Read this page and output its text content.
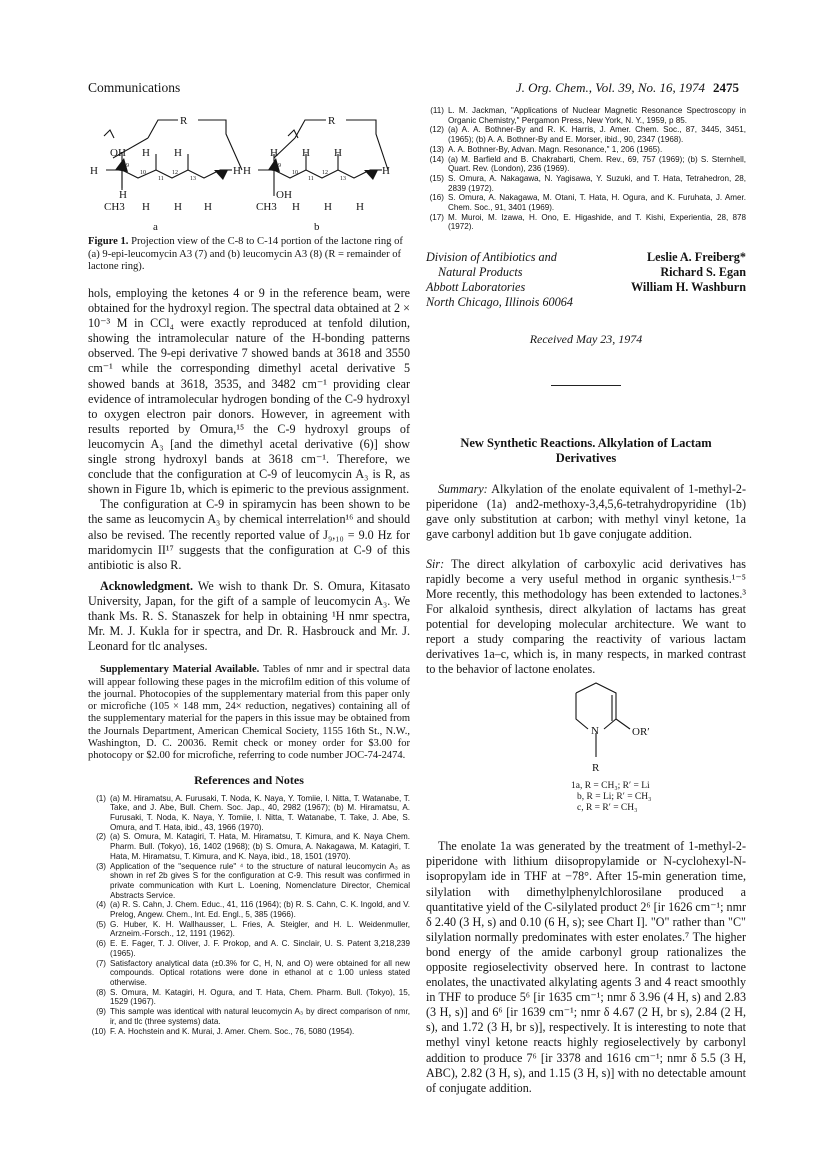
Communications	J. Org. Chem., Vol. 39, No. 16, 1974 2475
R
OH H H
H	H
H
CH3 H H H
9
10
11
12
13
a
R
H H H
H	H
OH
CH3 H H H
9
10
11
12
13
b
Figure 1. Projection view of the C-8 to C-14 portion of the lactone ring of (a) 9-epi-leucomycin A3 (7) and (b) leucomycin A3 (8) (R = remainder of lactone ring).

hols, employing the ketones 4 or 9 in the reference beam, were obtained for the hydroxyl region. The spectral data obtained at 2 × 10⁻³ M in CCl₄ were exactly reproduced at tenfold dilution, showing the intramolecular nature of the H-bonding patterns observed. The 9-epi derivative 7 showed bands at 3618 and 3550 cm⁻¹ while the corresponding dimethyl acetal derivative 5 showed bands at 3618, 3535, and 3482 cm⁻¹ providing clear evidence of intramolecular hydrogen bonding of the C-9 hydroxyl to oxygen electron pair donors. However, in agreement with results reported by Omura,¹⁵ the C-9 hydroxyl groups of leucomycin A₃ [and the dimethyl acetal derivative (6)] show single strong hydroxyl bands at 3618 cm⁻¹. Therefore, we conclude that the configuration at C-9 of leucomycin A₃ is R, as shown in Figure 1b, which is epimeric to the previous assignment.

The configuration at C-9 in spiramycin has been shown to be the same as leucomycin A₃ by chemical interrelation¹⁶ and should also be revised. The recently reported value of J₉,₁₀ = 9.0 Hz for maridomycin II¹⁷ suggests that the configuration at C-9 of this antibiotic is also R.

Acknowledgment. We wish to thank Dr. S. Omura, Kitasato University, Japan, for the gift of a sample of leucomycin A₃. We thank Ms. R. S. Stanaszek for help in obtaining ¹H nmr spectra, Mr. M. J. Kukla for ir spectra, and Dr. R. Hasbrouck and Mr. J. Leonard for tlc analyses.

Supplementary Material Available. Tables of nmr and ir spectral data will appear following these pages in the microfilm edition of this volume of the journal. Photocopies of the supplementary material from this paper only or microfiche (105 × 148 mm, 24× reduction, negatives) containing all of the supplementary material for the papers in this issue may be obtained from the Journals Department, American Chemical Society, 1155 16th St., N.W., Washington, D. C. 20036. Remit check or money order for $3.00 for photocopy or $2.00 for microfiche, referring to code number JOC-74-2474.

References and Notes
(1) (a) M. Hiramatsu, A. Furusaki, T. Noda, K. Naya, Y. Tomiie, I. Nitta, T. Watanabe, T. Take, and J. Abe, Bull. Chem. Soc. Jap., 40, 2982 (1967); (b) M. Hiramatsu, A. Furusaki, T. Noda, K. Naya, Y. Tomiie, I. Nitta, T. Watanabe, T. Take, J. Abe, S. Omura, and T. Hata, ibid., 43, 1966 (1970).
(2) (a) S. Omura, M. Katagiri, T. Hata, M. Hiramatsu, T. Kimura, and K. Naya Chem. Pharm. Bull. (Tokyo), 16, 1402 (1968); (b) S. Omura, A. Nakagawa, M. Katagiri, T. Hata, M. Hiramatsu, T. Kimura, and K. Naya, ibid., 18, 1501 (1970).
(3) Application of the "sequence rule" ⁴ to the structure of natural leucomycin A₃ as shown in ref 2b gives S for the configuration at C-9. This result was confirmed in private communication with Kurt L. Loening, Nomenclature Director, Chemical Abstracts Service.
(4) (a) R. S. Cahn, J. Chem. Educ., 41, 116 (1964); (b) R. S. Cahn, C. K. Ingold, and V. Prelog, Angew. Chem., Int. Ed. Engl., 5, 385 (1966).
(5) G. Huber, K. H. Wallhausser, L. Fries, A. Steigler, and H. L. Weidenmuller, Arzneim.-Forsch., 12, 1191 (1962).
(6) E. E. Fager, T. J. Oliver, J. F. Prokop, and A. C. Sinclair, U. S. Patent 3,218,239 (1965).
(7) Satisfactory analytical data (±0.3% for C, H, N, and O) were obtained for all new compounds. Optical rotations were done in ethanol at c 1.00 unless stated otherwise.
(8) S. Omura, M. Katagiri, H. Ogura, and T. Hata, Chem. Pharm. Bull. (Tokyo), 15, 1529 (1967).
(9) This sample was identical with natural leucomycin A₃ by direct comparison of nmr, ir, and tlc (three systems) data.
(10) F. A. Hochstein and K. Murai, J. Amer. Chem. Soc., 76, 5080 (1954).
(11) L. M. Jackman, "Applications of Nuclear Magnetic Resonance Spectroscopy in Organic Chemistry," Pergamon Press, New York, N. Y., 1959, p 85.
(12) (a) A. A. Bothner-By and R. K. Harris, J. Amer. Chem. Soc., 87, 3445, 3451, (1965); (b) A. A. Bothner-By and E. Morser, ibid., 90, 2347 (1968).
(13) A. A. Bothner-By, Advan. Magn. Resonance," 1, 206 (1965).
(14) (a) M. Barfield and B. Chakrabarti, Chem. Rev., 69, 757 (1969); (b) S. Sternhell, Quart. Rev. (London), 236 (1969).
(15) S. Omura, A. Nakagawa, N. Yagisawa, Y. Suzuki, and T. Hata, Tetrahedron, 28, 2839 (1972).
(16) S. Omura, A. Nakagawa, M. Otani, T. Hata, H. Ogura, and K. Furuhata, J. Amer. Chem. Soc., 91, 3401 (1969).
(17) M. Muroi, M. Izawa, H. Ono, E. Higashide, and T. Kishi, Experientia, 28, 878 (1972).
Division of Antibiotics and
Natural Products
Abbott Laboratories
North Chicago, Illinois 60064
Leslie A. Freiberg*
Richard S. Egan
William H. Washburn
Received May 23, 1974
New Synthetic Reactions. Alkylation of Lactam
Derivatives

Summary: Alkylation of the enolate equivalent of 1-methyl-2-piperidone (1a) and2-methoxy-3,4,5,6-tetrahydropyridine (1b) gave only substitution at carbon; with methyl vinyl ketone, 1a gave carbonyl addition but 1b gave conjugate addition.

Sir: The direct alkylation of carboxylic acid derivatives has rapidly become a very useful method in organic synthesis.¹⁻⁵ More recently, this methodology has been extended to lactones.³ For alkaloid synthesis, direct alkylation of lactams has great potential for developing molecular architecture. We want to report a study comparing the reactivity of various lactam derivatives 1a–c, which is, in many respects, in marked contrast to the behavior of lactone enolates.

N	OR′
R
1a, R = CH₃; R′ = Li
b, R = Li; R′ = CH₃
c, R = R′ = CH₃

The enolate 1a was generated by the treatment of 1-methyl-2-piperidone with lithium diisopropylamide or N-cyclohexyl-N-isopropylam ide in THF at −78°. After 15-min generation time, silylation with dimethylphenylchlorosilane produced a quantitative yield of the C-silylated product 2⁶ [ir 1626 cm⁻¹; nmr δ 2.40 (3 H, s) and 0.10 (6 H, s); see Chart I]. "O" rather than "C" silylation normally predominates with ester enolates.⁷ The higher bond energy of the amide carbonyl group rationalizes the opposite regioselectivity observed here. In contrast to lactone enolates, the unactivated alkylating agents 3 and 4 react smoothly in THF to produce 5⁶ [ir 1635 cm⁻¹; nmr δ 3.96 (4 H, s) and 2.83 (3 H, s)] and 6⁶ [ir 1639 cm⁻¹; nmr δ 4.67 (2 H, br s), 2.84 (2 H, s), and 1.72 (3 H, br s)], respectively. It is interesting to note that methyl vinyl ketone reacts highly regioselectively by carbonyl addition to produce 7⁶ [ir 3378 and 1616 cm⁻¹; nmr δ 5.5 (3 H, ABC), 2.82 (3 H, s), and 1.15 (3 H, s)] with no detectable amount of conjugate addition.
